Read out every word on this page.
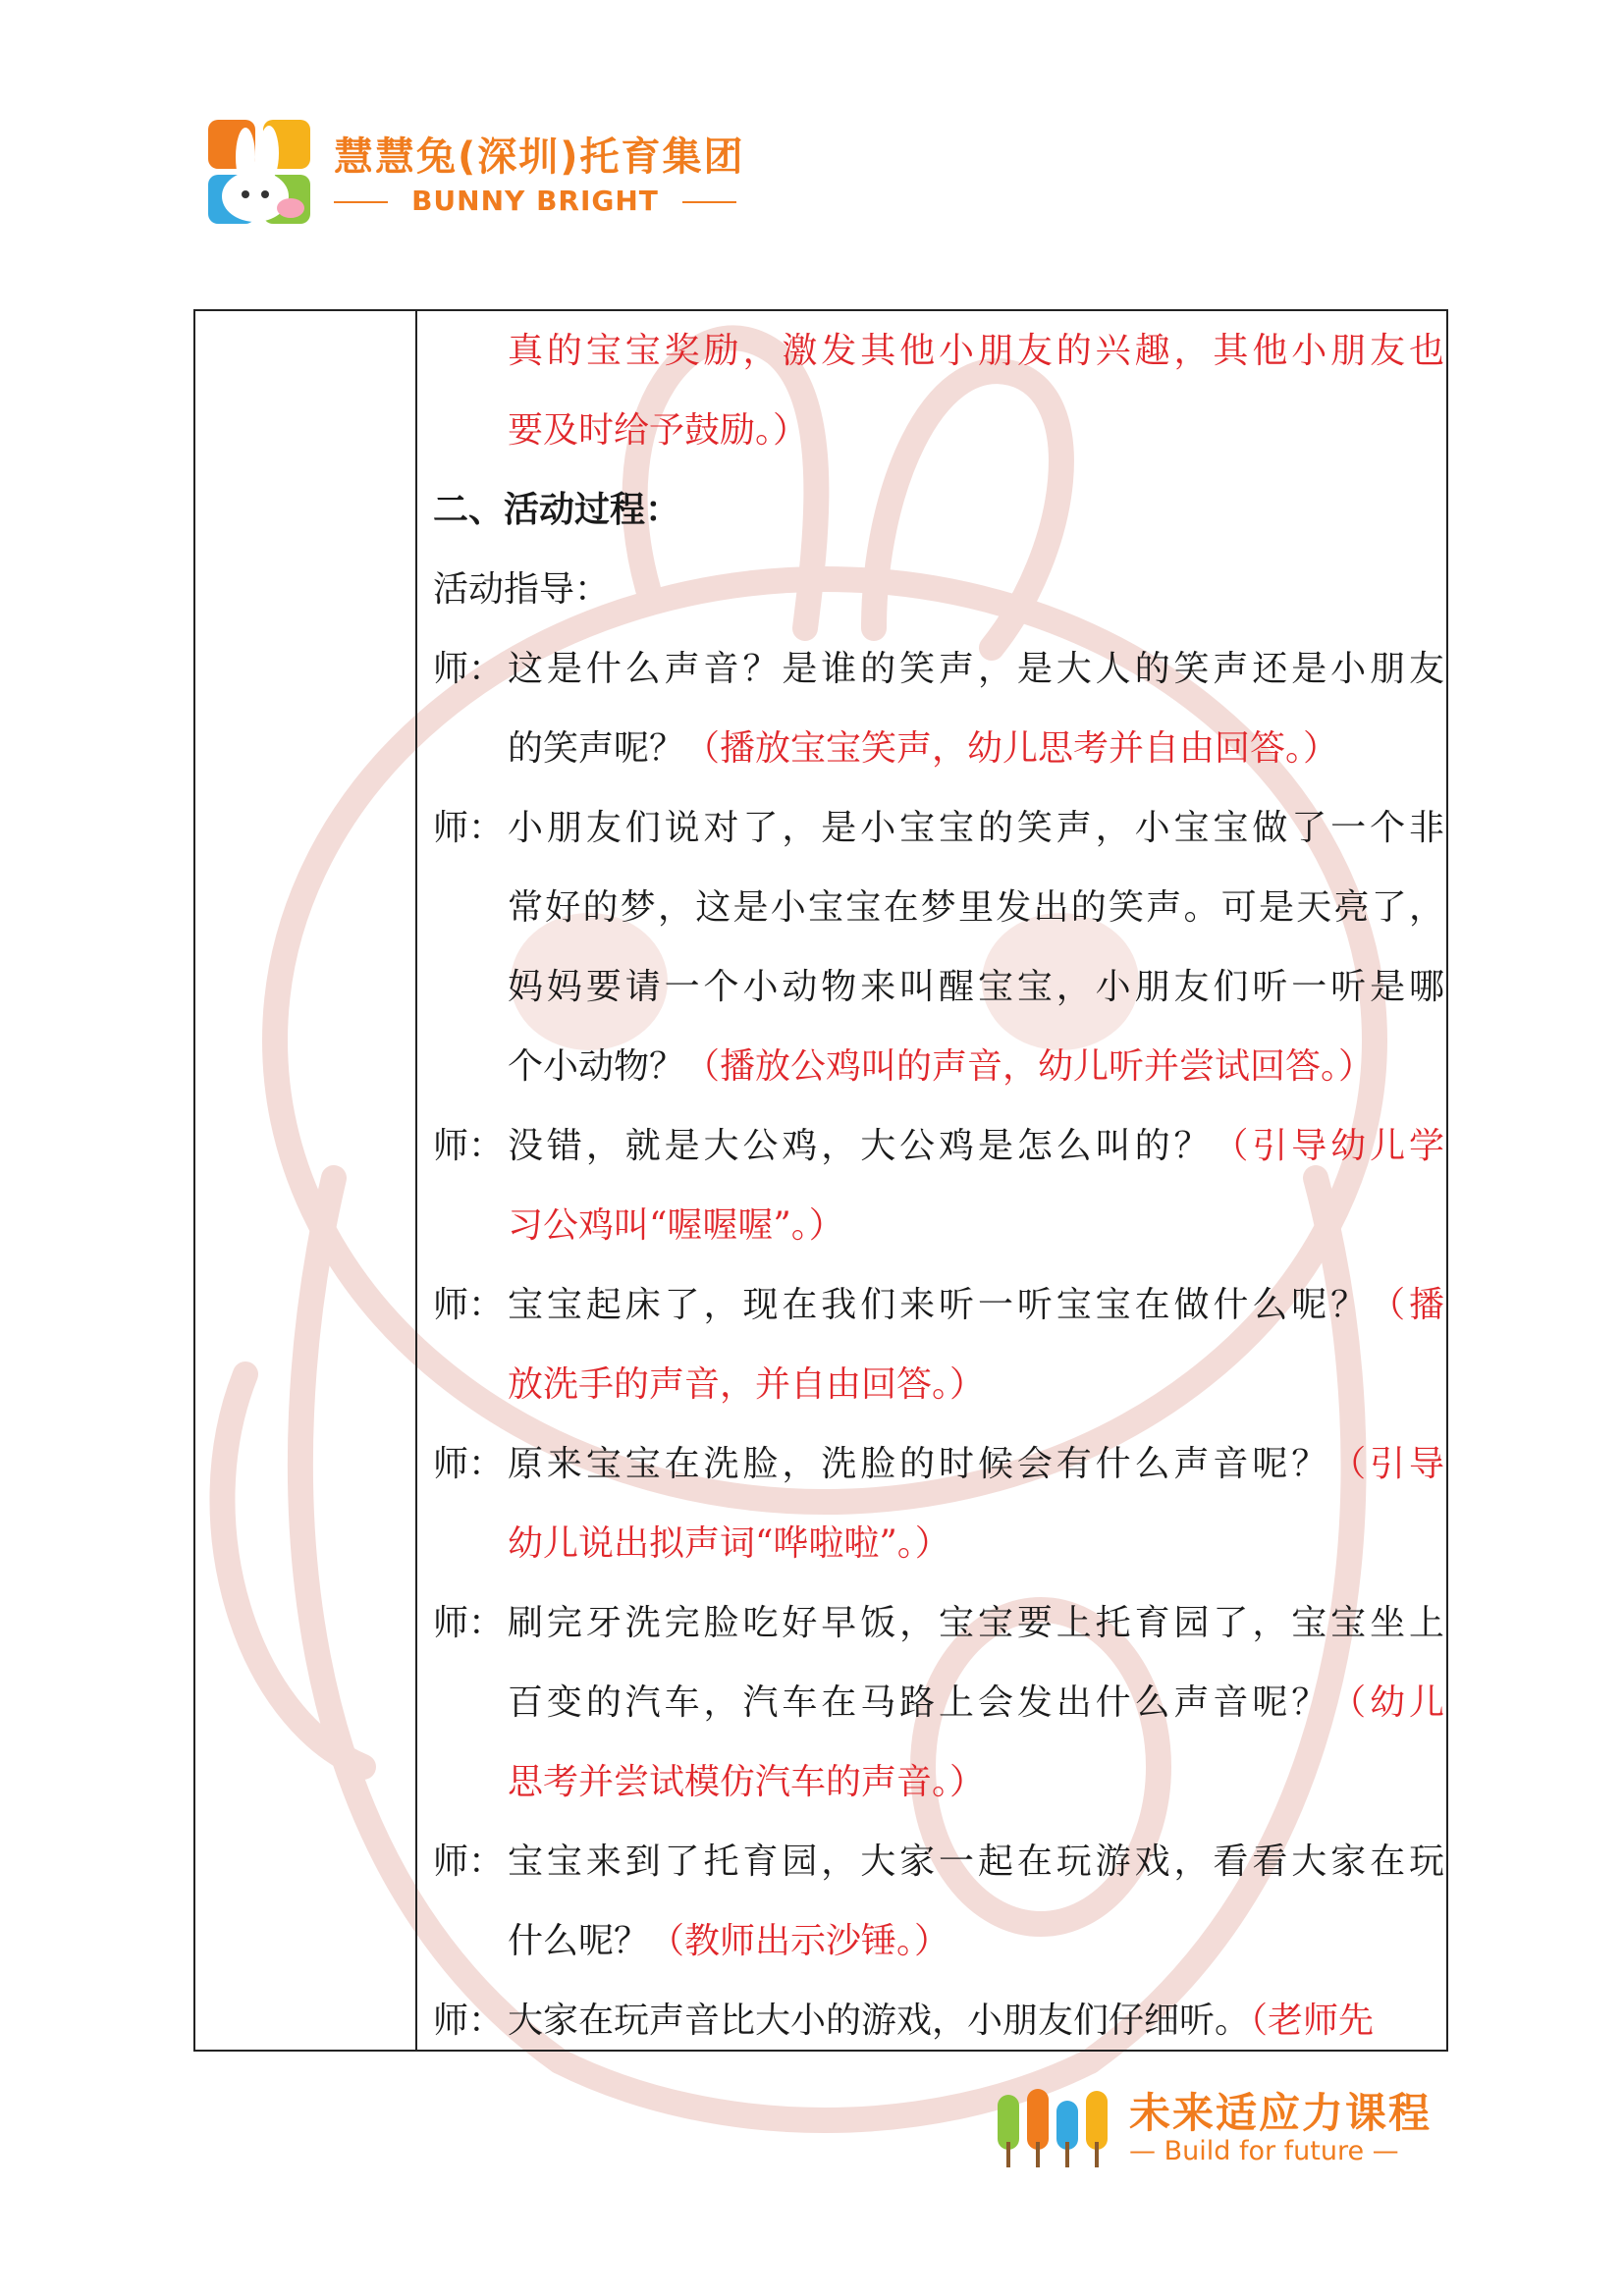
慧慧兔(深圳)托育集团
BUNNY BRIGHT
真的宝宝奖励，激发其他小朋友的兴趣，其他小朋友也
要及时给予鼓励。）
二、活动过程：
活动指导：
师： 这是什么声音？是谁的笑声，是大人的笑声还是小朋友
的笑声呢？（播放宝宝笑声，幼儿思考并自由回答。）
师： 小朋友们说对了，是小宝宝的笑声，小宝宝做了一个非
常好的梦，这是小宝宝在梦里发出的笑声。可是天亮了，
妈妈要请一个小动物来叫醒宝宝，小朋友们听一听是哪
个小动物？（播放公鸡叫的声音，幼儿听并尝试回答。）
师： 没错，就是大公鸡，大公鸡是怎么叫的？（引导幼儿学
习公鸡叫“喔喔喔”。）
师： 宝宝起床了，现在我们来听一听宝宝在做什么呢？（播
放洗手的声音，并自由回答。）
师： 原来宝宝在洗脸，洗脸的时候会有什么声音呢？（引导
幼儿说出拟声词“哗啦啦”。）
师： 刷完牙洗完脸吃好早饭，宝宝要上托育园了，宝宝坐上
百变的汽车，汽车在马路上会发出什么声音呢？（幼儿
思考并尝试模仿汽车的声音。）
师： 宝宝来到了托育园，大家一起在玩游戏，看看大家在玩
什么呢？（教师出示沙锤。）
师： 大家在玩声音比大小的游戏，小朋友们仔细听。（老师先
未来适应力课程
— Build for future —
